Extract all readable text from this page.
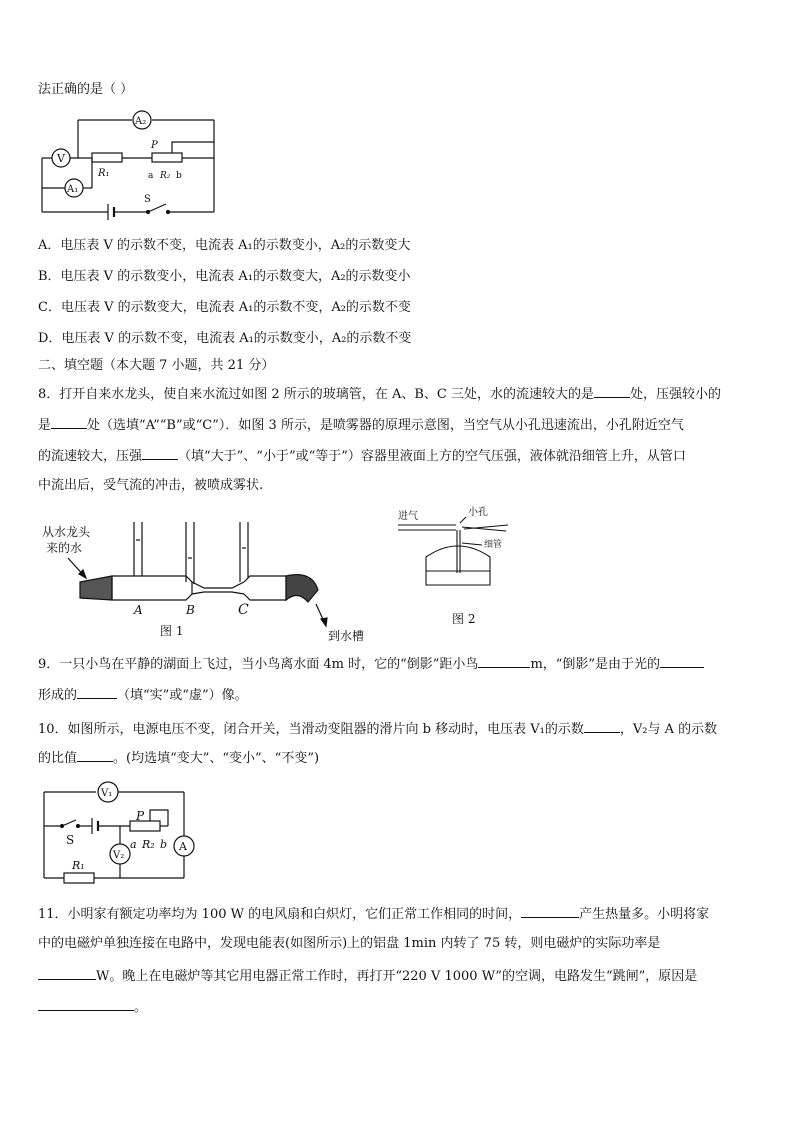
法正确的是（ ）
A₂
V
R₁
P
a R₂ b
A₁
S
A．电压表 V 的示数不变，电流表 A₁的示数变小，A₂的示数变大
B．电压表 V 的示数变小，电流表 A₁的示数变大，A₂的示数变小
C．电压表 V 的示数变大，电流表 A₁的示数不变，A₂的示数不变
D．电压表 V 的示数不变，电流表 A₁的示数变小，A₂的示数不变
二、填空题（本大题 7 小题，共 21 分）
8．打开自来水龙头，使自来水流过如图 2 所示的玻璃管，在 A、B、C 三处，水的流速较大的是	处，压强较小的
是	处（选填“A”“B”或“C”）．如图 3 所示，是喷雾器的原理示意图，当空气从小孔迅速流出，小孔附近空气
的流速较大，压强	（填“大于”、“小于”或“等于”）容器里液面上方的空气压强，液体就沿细管上升，从管口
中流出后，受气流的冲击，被喷成雾状.
从水龙头
来的水
A	B	C
图 1	到水槽
进气	小孔
细管
图 2
9．一只小鸟在平静的湖面上飞过，当小鸟离水面 4m 时，它的“倒影”距小鸟	m，“倒影”是由于光的
形成的	（填“实”或“虚”）像。
10．如图所示，电源电压不变，闭合开关，当滑动变阻器的滑片向 b 移动时，电压表 V₁的示数	，V₂与 A 的示数
的比值	。(均选填“变大”、“变小”、“不变”)
V₁
S
P
a R₂ b A
V₂
R₁
11．小明家有额定功率均为 100 W 的电风扇和白炽灯，它们正常工作相同的时间，	产生热量多。小明将家
中的电磁炉单独连接在电路中，发现电能表(如图所示)上的铝盘 1min 内转了 75 转，则电磁炉的实际功率是
W。晚上在电磁炉等其它用电器正常工作时，再打开“220 V 1000 W”的空调，电路发生“跳闸”，原因是
。
